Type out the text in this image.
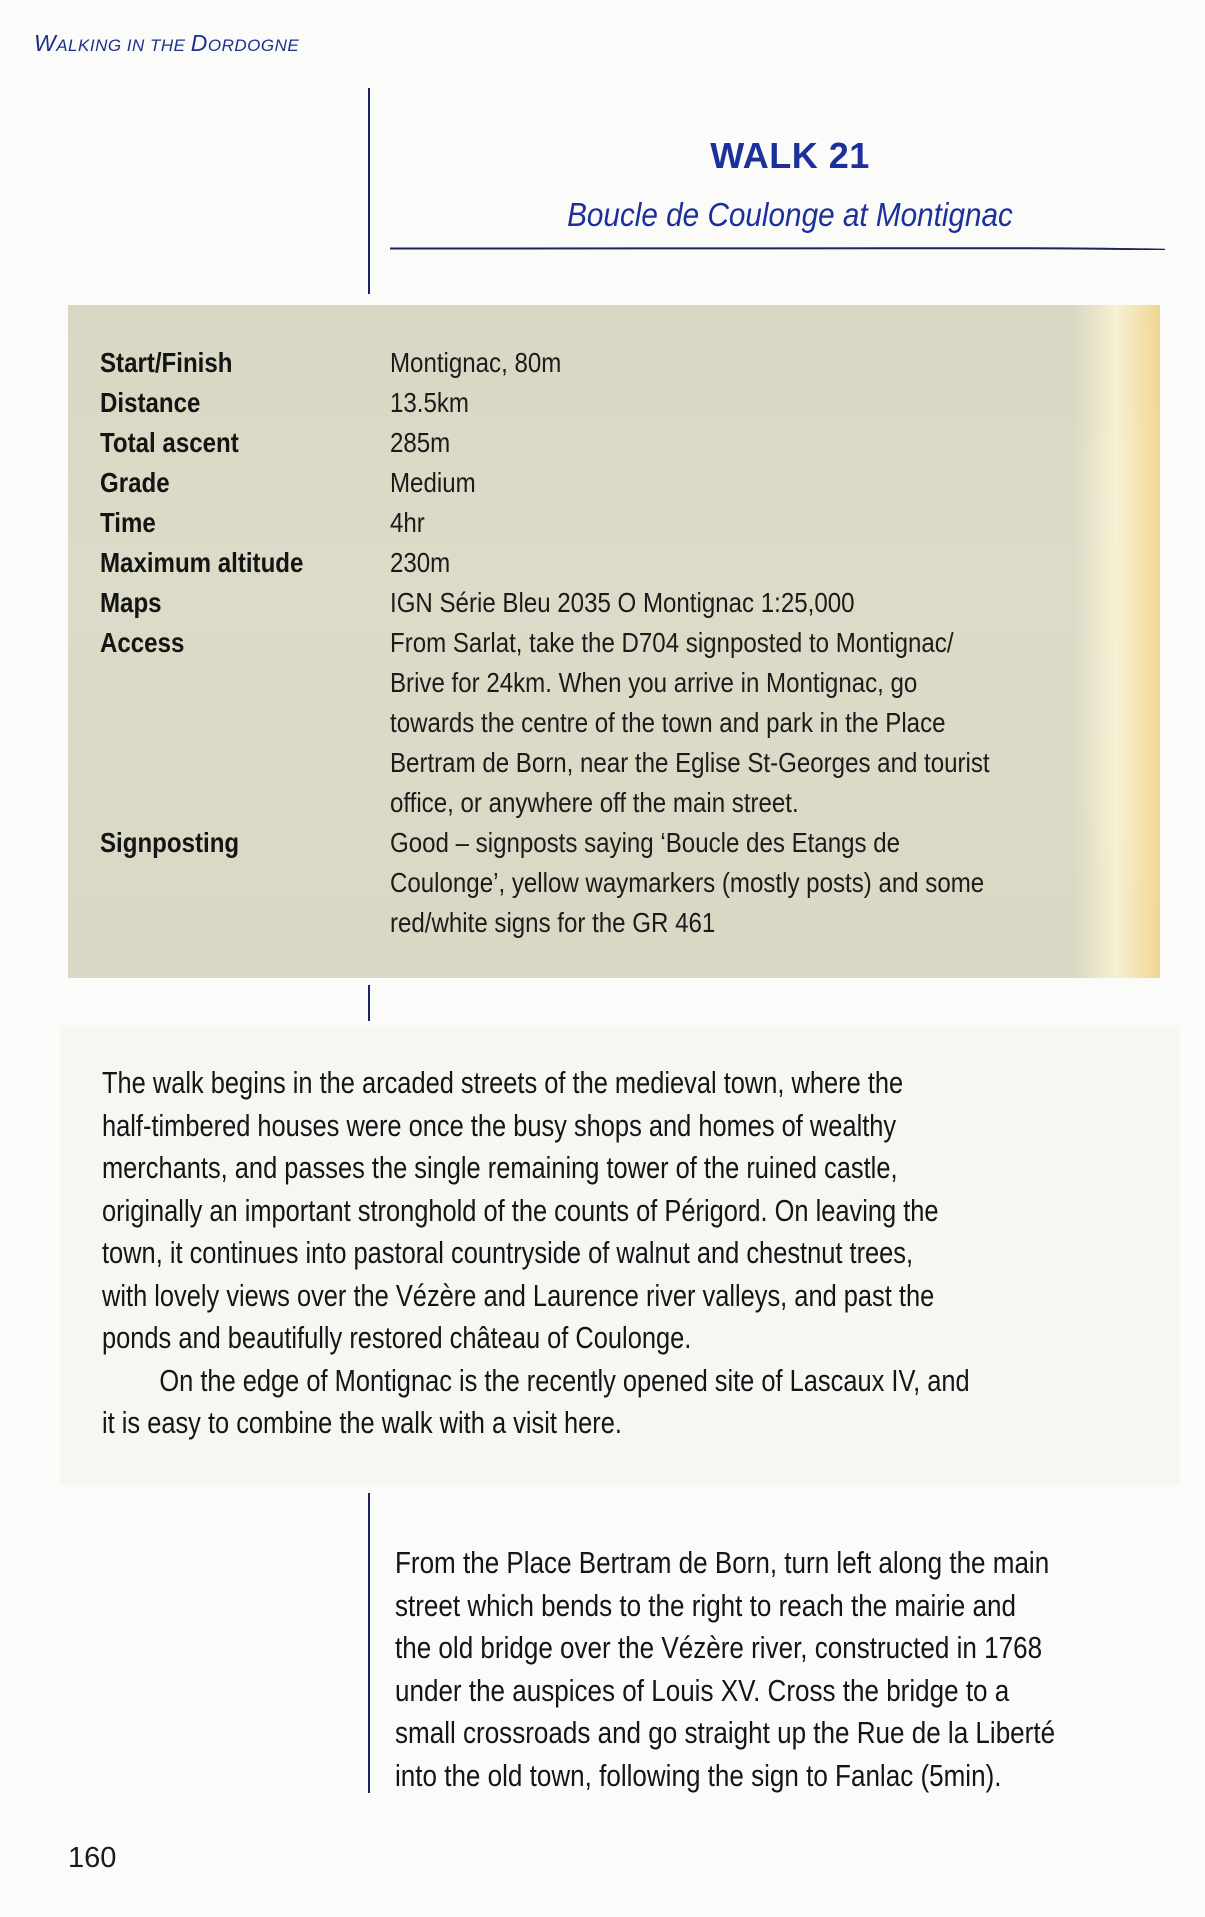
WALKING IN THE DORDOGNE
WALK 21
Boucle de Coulonge at Montignac
Start/Finish	Montignac, 80m
Distance	13.5km
Total ascent	285m
Grade	Medium
Time	4hr
Maximum altitude	230m
Maps	IGN Série Bleu 2035 O Montignac 1:25,000
Access	From Sarlat, take the D704 signposted to Montignac/
Brive for 24km. When you arrive in Montignac, go
towards the centre of the town and park in the Place
Bertram de Born, near the Eglise St-Georges and tourist
office, or anywhere off the main street.
Signposting	Good – signposts saying ‘Boucle des Etangs de
Coulonge’, yellow waymarkers (mostly posts) and some
red/white signs for the GR 461

The walk begins in the arcaded streets of the medieval town, where the
half-timbered houses were once the busy shops and homes of wealthy
merchants, and passes the single remaining tower of the ruined castle,
originally an important stronghold of the counts of Périgord. On leaving the
town, it continues into pastoral countryside of walnut and chestnut trees,
with lovely views over the Vézère and Laurence river valleys, and past the
ponds and beautifully restored château of Coulonge.

On the edge of Montignac is the recently opened site of Lascaux IV, and
it is easy to combine the walk with a visit here.

From the Place Bertram de Born, turn left along the main
street which bends to the right to reach the mairie and
the old bridge over the Vézère river, constructed in 1768
under the auspices of Louis XV. Cross the bridge to a
small crossroads and go straight up the Rue de la Liberté
into the old town, following the sign to Fanlac (5min).
160
